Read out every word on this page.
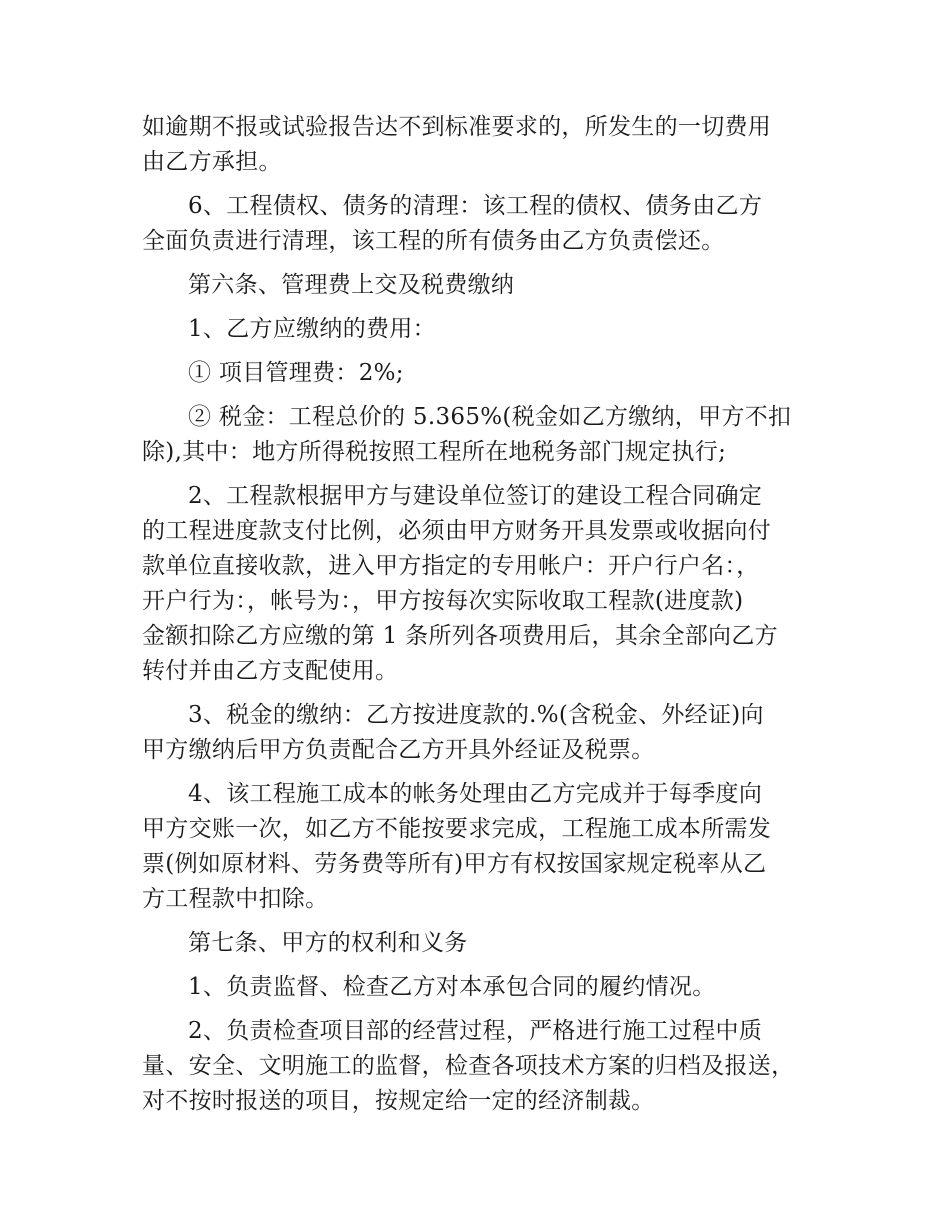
如逾期不报或试验报告达不到标准要求的，所发生的一切费用
由乙方承担。

6、工程债权、债务的清理：该工程的债权、债务由乙方
全面负责进行清理，该工程的所有债务由乙方负责偿还。

第六条、管理费上交及税费缴纳

1、乙方应缴纳的费用：

① 项目管理费：2%;

② 税金：工程总价的 5.365%(税金如乙方缴纳，甲方不扣
除),其中：地方所得税按照工程所在地税务部门规定执行;

2、工程款根据甲方与建设单位签订的建设工程合同确定
的工程进度款支付比例，必须由甲方财务开具发票或收据向付
款单位直接收款，进入甲方指定的专用帐户：开户行户名：，
开户行为：，帐号为：，甲方按每次实际收取工程款(进度款)
金额扣除乙方应缴的第 1 条所列各项费用后，其余全部向乙方
转付并由乙方支配使用。

3、税金的缴纳：乙方按进度款的.%(含税金、外经证)向
甲方缴纳后甲方负责配合乙方开具外经证及税票。

4、该工程施工成本的帐务处理由乙方完成并于每季度向
甲方交账一次，如乙方不能按要求完成，工程施工成本所需发
票(例如原材料、劳务费等所有)甲方有权按国家规定税率从乙
方工程款中扣除。

第七条、甲方的权利和义务

1、负责监督、检查乙方对本承包合同的履约情况。

2、负责检查项目部的经营过程，严格进行施工过程中质
量、安全、文明施工的监督，检查各项技术方案的归档及报送，
对不按时报送的项目，按规定给一定的经济制裁。
